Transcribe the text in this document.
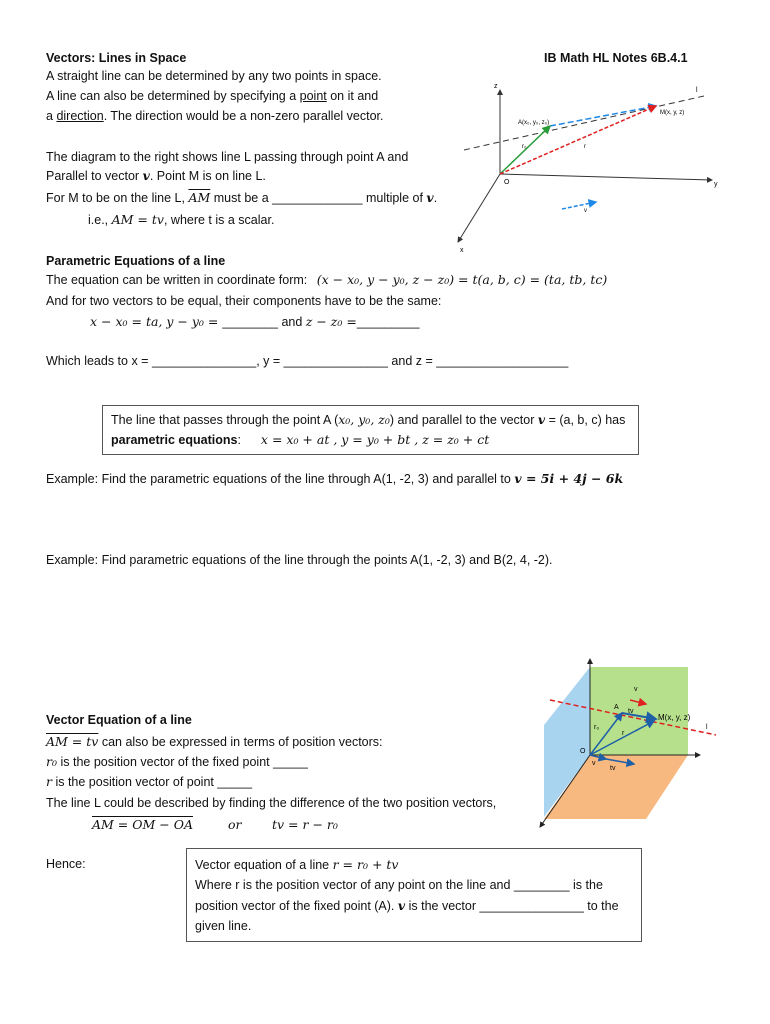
Vectors: Lines in Space	IB Math HL Notes 6B.4.1
A straight line can be determined by any two points in space.
A line can also be determined by specifying a point on it and
a direction. The direction would be a non-zero parallel vector.
The diagram to the right shows line L passing through point A and
Parallel to vector v. Point M is on line L.
For M to be on the line L, $\overline{AM}$ must be a _____________ multiple of v.
i.e., AM = tv, where t is a scalar.
z
y
x
O
l
A(x₀, y₀, z₀)
M(x, y, z)
r₀	r
v
Parametric Equations of a line
The equation can be written in coordinate form: (x − x₀, y − y₀, z − z₀) = t(a, b, c) = (ta, tb, tc)
And for two vectors to be equal, their components have to be the same:
x − x₀ = ta, y − y₀ = ________ and z − z₀ =_________
Which leads to x = _______________, y = _______________ and z = ___________________
The line that passes through the point A (x₀, y₀, z₀) and parallel to the vector v = (a, b, c) has
parametric equations: x = x₀ + at , y = y₀ + bt , z = z₀ + ct
Example: Find the parametric equations of the line through A(1, -2, 3) and parallel to v = 5i + 4j − 6k
Example: Find parametric equations of the line through the points A(1, -2, 3) and B(2, 4, -2).
v
A
tv
M(x, y, z)
r₀
r
O
l
v
tv
Vector Equation of a line
AM = tv can also be expressed in terms of position vectors:
r₀ is the position vector of the fixed point _____
r is the position vector of point _____
The line L could be described by finding the difference of the two position vectors,
AM = OM − OA	or tv = r − r₀
Hence:	Vector equation of a line r = r₀ + tv
Where r is the position vector of any point on the line and ________ is the
position vector of the fixed point (A). v is the vector _______________ to the
given line.
